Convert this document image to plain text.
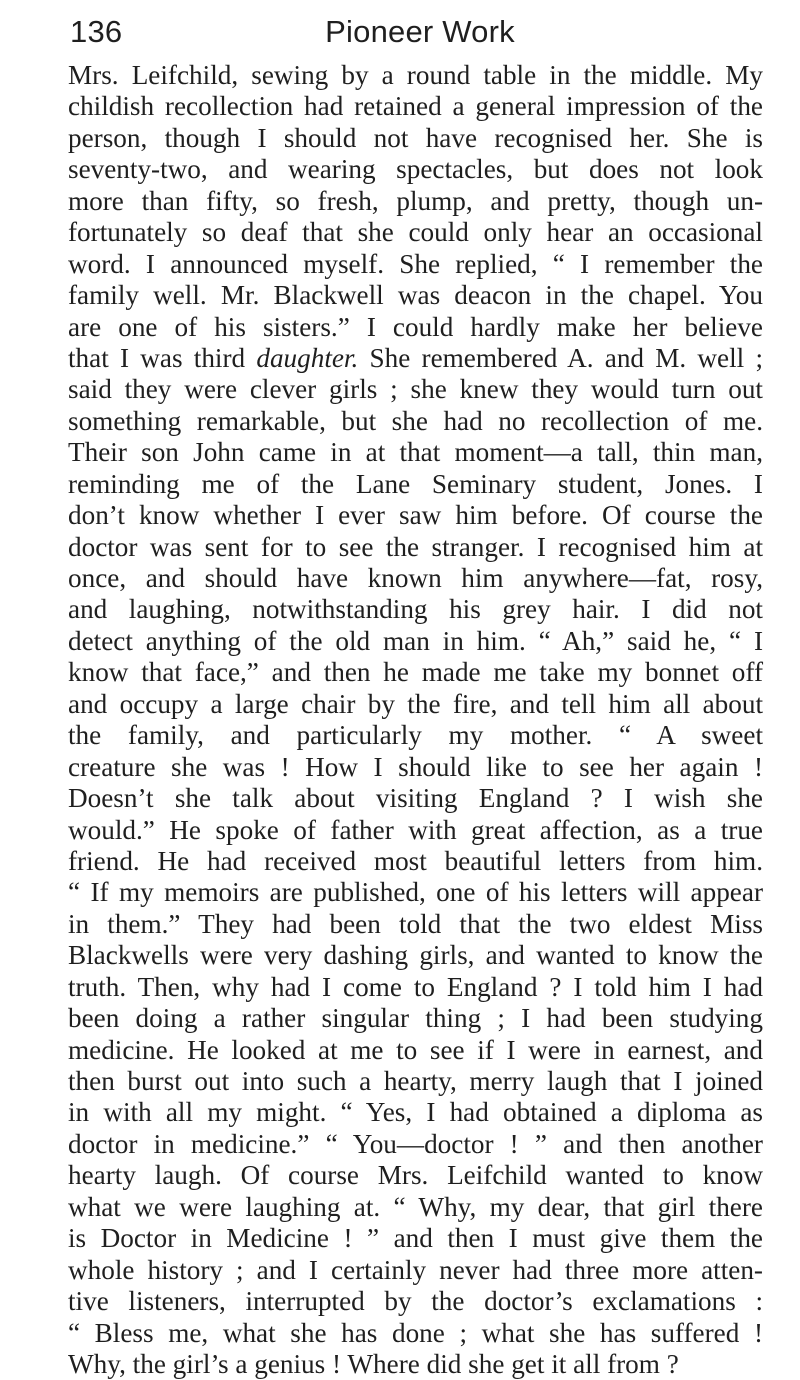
136	Pioneer Work
Mrs. Leifchild, sewing by a round table in the middle. My
childish recollection had retained a general impression of the
person, though I should not have recognised her. She is
seventy-two, and wearing spectacles, but does not look
more than fifty, so fresh, plump, and pretty, though un-
fortunately so deaf that she could only hear an occasional
word. I announced myself. She replied, “ I remember the
family well. Mr. Blackwell was deacon in the chapel. You
are one of his sisters.” I could hardly make her believe
that I was third daughter. She remembered A. and M. well ;
said they were clever girls ; she knew they would turn out
something remarkable, but she had no recollection of me.
Their son John came in at that moment—a tall, thin man,
reminding me of the Lane Seminary student, Jones. I
don’t know whether I ever saw him before. Of course the
doctor was sent for to see the stranger. I recognised him at
once, and should have known him anywhere—fat, rosy,
and laughing, notwithstanding his grey hair. I did not
detect anything of the old man in him. “ Ah,” said he, “ I
know that face,” and then he made me take my bonnet off
and occupy a large chair by the fire, and tell him all about
the family, and particularly my mother. “ A sweet
creature she was ! How I should like to see her again !
Doesn’t she talk about visiting England ? I wish she
would.” He spoke of father with great affection, as a true
friend. He had received most beautiful letters from him.
“ If my memoirs are published, one of his letters will appear
in them.” They had been told that the two eldest Miss
Blackwells were very dashing girls, and wanted to know the
truth. Then, why had I come to England ? I told him I had
been doing a rather singular thing ; I had been studying
medicine. He looked at me to see if I were in earnest, and
then burst out into such a hearty, merry laugh that I joined
in with all my might. “ Yes, I had obtained a diploma as
doctor in medicine.” “ You—doctor ! ” and then another
hearty laugh. Of course Mrs. Leifchild wanted to know
what we were laughing at. “ Why, my dear, that girl there
is Doctor in Medicine ! ” and then I must give them the
whole history ; and I certainly never had three more atten-
tive listeners, interrupted by the doctor’s exclamations :
“ Bless me, what she has done ; what she has suffered !
Why, the girl’s a genius ! Where did she get it all from ?
